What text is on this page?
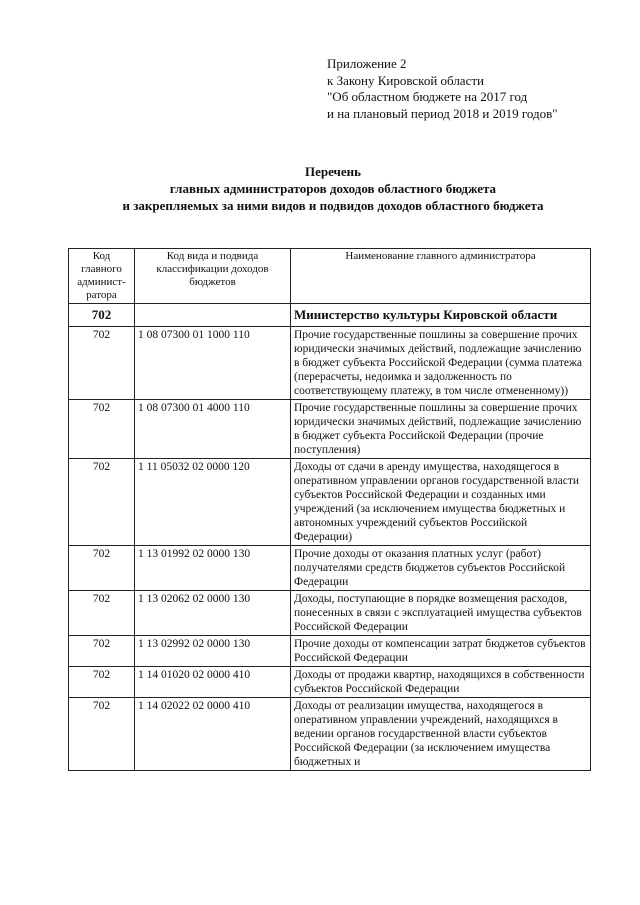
Приложение 2
к Закону Кировской области
"Об областном бюджете на 2017 год
и на плановый период 2018 и 2019 годов"
Перечень
главных администраторов доходов областного бюджета
и закрепляемых за ними видов и подвидов доходов областного бюджета
Код главного админист-ратора	Код вида и подвида классификации доходов бюджетов	Наименование главного администратора
702		Министерство культуры Кировской области
702	1 08 07300 01 1000 110	Прочие государственные пошлины за совершение прочих юридически значимых действий, подлежащие зачислению в бюджет субъекта Российской Федерации (сумма платежа (перерасчеты, недоимка и задолженность по соответствующему платежу, в том числе отмененному))
702	1 08 07300 01 4000 110	Прочие государственные пошлины за совершение прочих юридически значимых действий, подлежащие зачислению в бюджет субъекта Российской Федерации (прочие поступления)
702	1 11 05032 02 0000 120	Доходы от сдачи в аренду имущества, находящегося в оперативном управлении органов государственной власти субъектов Российской Федерации и созданных ими учреждений (за исключением имущества бюджетных и автономных учреждений субъектов Российской Федерации)
702	1 13 01992 02 0000 130	Прочие доходы от оказания платных услуг (работ) получателями средств бюджетов субъектов Российской Федерации
702	1 13 02062 02 0000 130	Доходы, поступающие в порядке возмещения расходов, понесенных в связи с эксплуатацией имущества субъектов Российской Федерации
702	1 13 02992 02 0000 130	Прочие доходы от компенсации затрат бюджетов субъектов Российской Федерации
702	1 14 01020 02 0000 410	Доходы от продажи квартир, находящихся в собственности субъектов Российской Федерации
702	1 14 02022 02 0000 410	Доходы от реализации имущества, находящегося в оперативном управлении учреждений, находящихся в ведении органов государственной власти субъектов Российской Федерации (за исключением имущества бюджетных и
